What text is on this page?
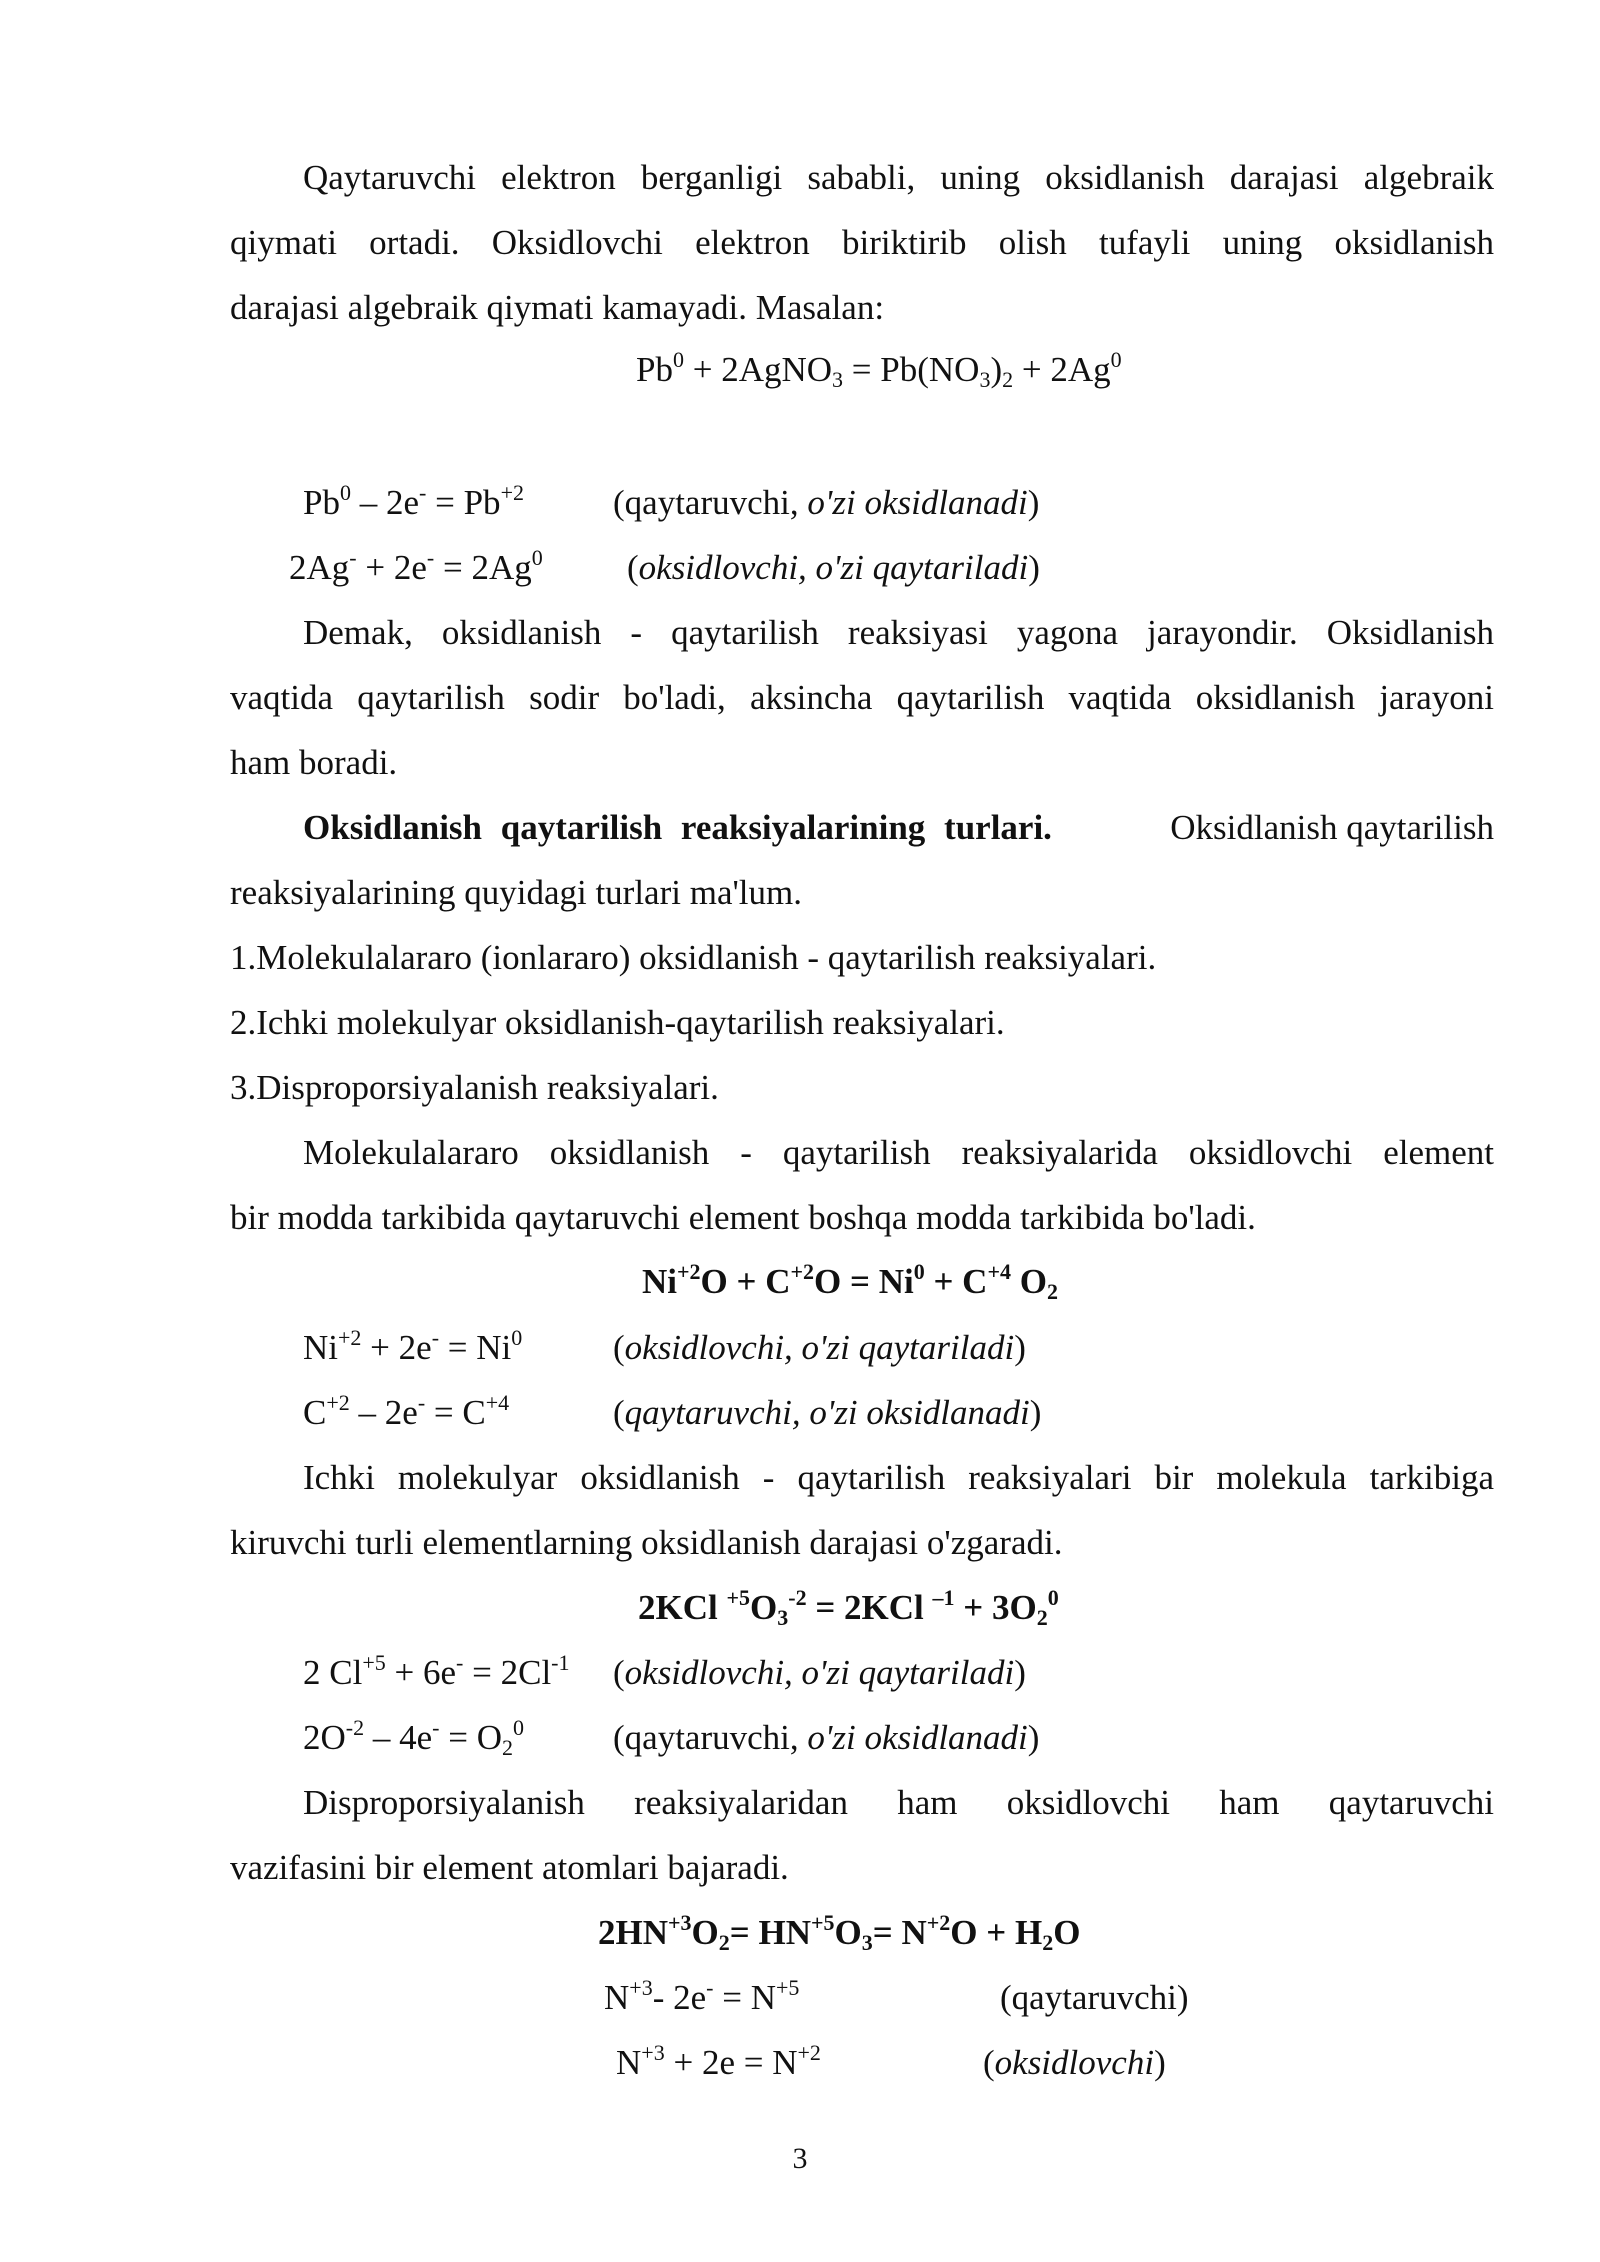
Qaytaruvchi elektron berganligi sababli, uning oksidlanish darajasi algebraik
qiymati ortadi. Oksidlovchi elektron biriktirib olish tufayli uning oksidlanish
darajasi algebraik qiymati kamayadi. Masalan:
$Pb^0$ + 2AgNO$_3$ = $Pb(NO_3)_2 + 2Ag^0$
$Pb^0 - 2e^- = Pb^{+2}$	(qaytaruvchi, o'zi oksidlanadi)
$2Ag^- + 2e^- = 2Ag^0$ (oksidlovchi, o'zi qaytariladi)
Demak, oksidlanish - qaytarilish reaksiyasi yagona jarayondir. Oksidlanish
vaqtida qaytarilish sodir bo'ladi, aksincha qaytarilish vaqtida oksidlanish jarayoni
ham boradi.
Oksidlanish qaytarilish reaksiyalarining turlari.	Oksidlanish qaytarilish
reaksiyalarining quyidagi turlari ma'lum.
1.Molekulalararo (ionlararo) oksidlanish - qaytarilish reaksiyalari.
2.Ichki molekulyar oksidlanish-qaytarilish reaksiyalari.
3.Disproporsiyalanish reaksiyalari.
Molekulalararo oksidlanish - qaytarilish reaksiyalarida oksidlovchi element
bir modda tarkibida qaytaruvchi element boshqa modda tarkibida bo'ladi.
$Ni^{+2}O + C^{+2}O = Ni^0 + C^{+4}$ $O_2$
$Ni^{+2} + 2e^- = Ni^0$	(oksidlovchi, o'zi qaytariladi)
$C^{+2} - 2e^- = C^{+4}$	(qaytaruvchi, o'zi oksidlanadi)
Ichki molekulyar oksidlanish - qaytarilish reaksiyalari bir molekula tarkibiga
kiruvchi turli elementlarning oksidlanish darajasi o'zgaradi.
2KCl $^{+5}O_3^{-2} = 2KCl$ $^{-1} + 3O_2^0$
2 $Cl^{+5} + 6e^- = 2Cl^{-1}$ (oksidlovchi, o'zi qaytariladi)
$2O^{-2} - 4e^- = O_2^0$	(qaytaruvchi, o'zi oksidlanadi)
Disproporsiyalanish reaksiyalaridan ham oksidlovchi ham qaytaruvchi
vazifasini bir element atomlari bajaradi.
$2HN^{+3}O_2= HN^{+5}O_3= N^{+2}O + H_2O$
$N^{+3}-$ $2e^- = N^{+5}$	(qaytaruvchi)
$N^{+3} + 2e = N^{+2}$	(oksidlovchi)
3
